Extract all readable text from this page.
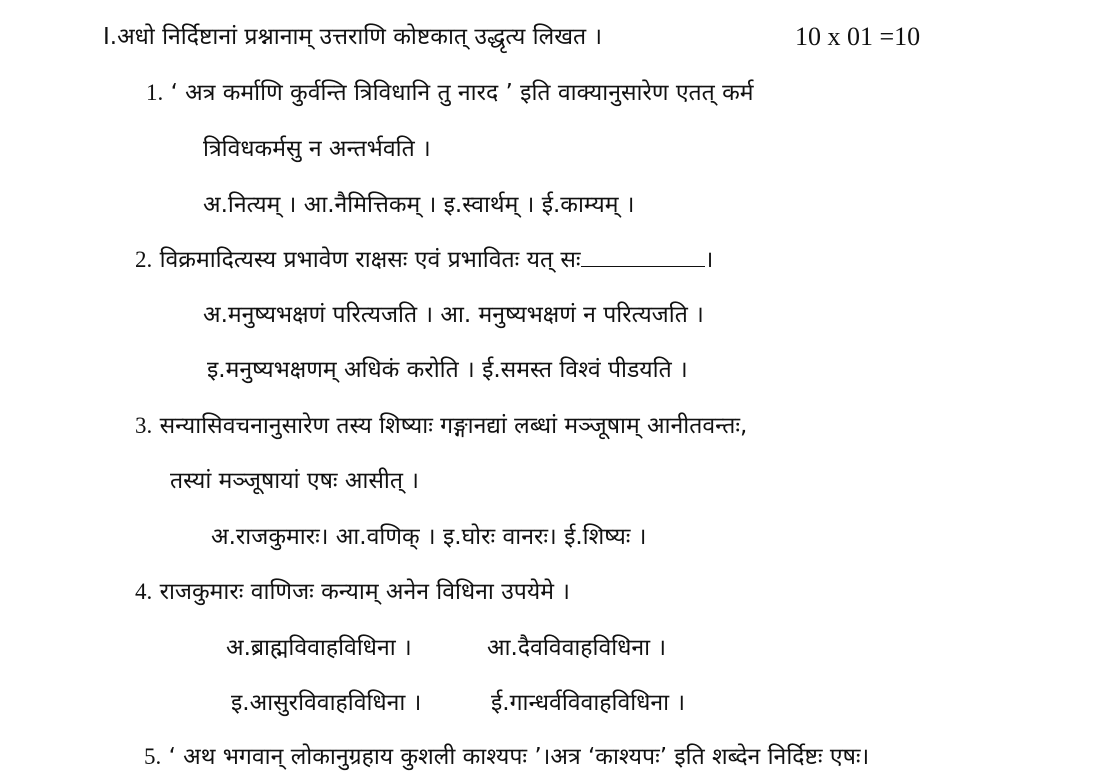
I.अधो निर्दिष्टानां प्रश्नानाम् उत्तराणि कोष्टकात् उद्धृत्य लिखत ।	10 x 01 =10
1. ‘ अत्र कर्माणि कुर्वन्ति त्रिविधानि तु नारद ’ इति वाक्यानुसारेण एतत् कर्म
त्रिविधकर्मसु न अन्तर्भवति ।
अ.नित्यम् । आ.नैमित्तिकम् । इ.स्वार्थम् । ई.काम्यम् ।
2. विक्रमादित्यस्य प्रभावेण राक्षसः एवं प्रभावितः यत् सः	।
अ.मनुष्यभक्षणं परित्यजति । आ. मनुष्यभक्षणं न परित्यजति ।
इ.मनुष्यभक्षणम् अधिकं करोति । ई.समस्त विश्वं पीडयति ।
3. सन्यासिवचनानुसारेण तस्य शिष्याः गङ्गानद्यां लब्धां मञ्जूषाम् आनीतवन्तः,
तस्यां मञ्जूषायां एषः आसीत् ।
अ.राजकुमारः। आ.वणिक् । इ.घोरः वानरः। ई.शिष्यः ।
4. राजकुमारः वाणिजः कन्याम् अनेन विधिना उपयेमे ।
अ.ब्राह्मविवाहविधिना ।	आ.दैवविवाहविधिना ।
इ.आसुरविवाहविधिना ।	ई.गान्धर्वविवाहविधिना ।
5. ‘ अथ भगवान् लोकानुग्रहाय कुशली काश्यपः ’।अत्र ‘काश्यपः’ इति शब्देन निर्दिष्टः एषः।
